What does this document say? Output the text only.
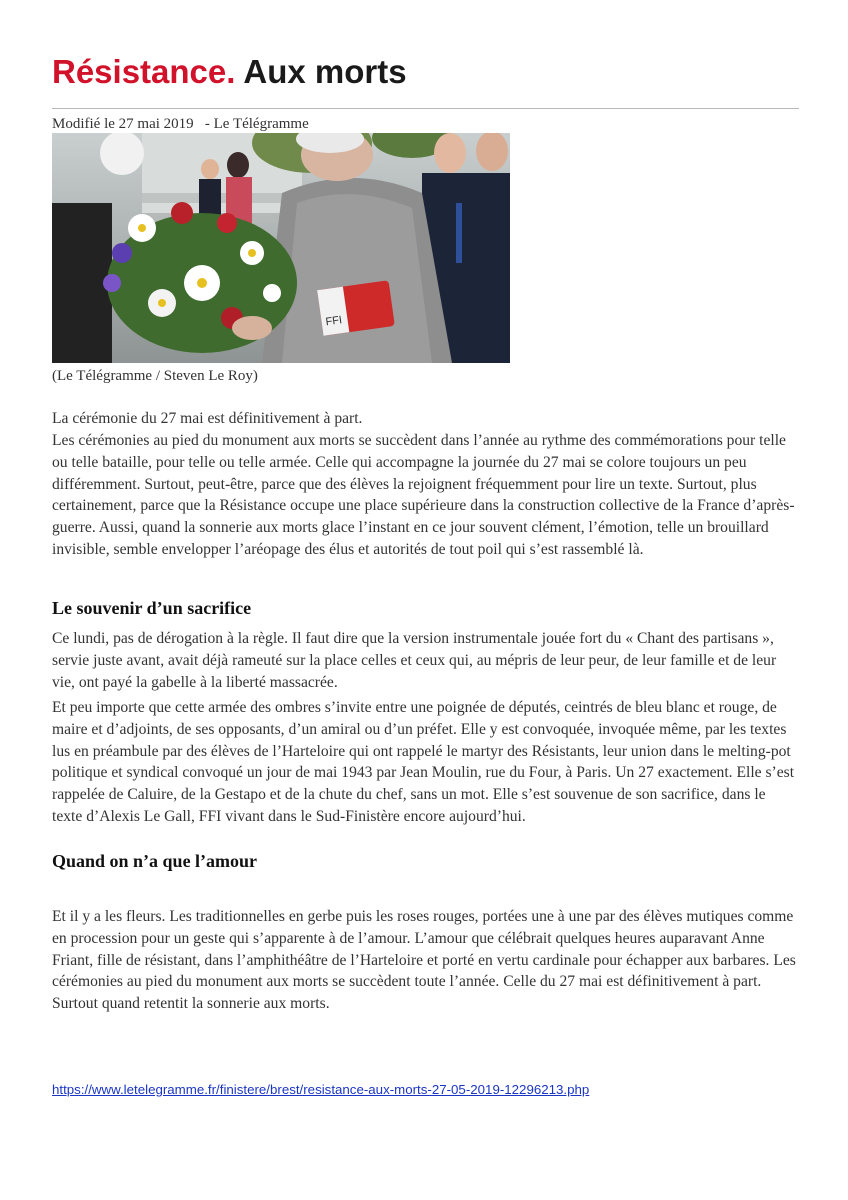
Résistance. Aux morts
Modifié le 27 mai 2019   - Le Télégramme
FFI
(Le Télégramme / Steven Le Roy)

La cérémonie du 27 mai est définitivement à part.

Les cérémonies au pied du monument aux morts se succèdent dans l’année au rythme des commémorations pour telle ou telle bataille, pour telle ou telle armée. Celle qui accompagne la journée du 27 mai se colore toujours un peu différemment. Surtout, peut-être, parce que des élèves la rejoignent fréquemment pour lire un texte. Surtout, plus certainement, parce que la Résistance occupe une place supérieure dans la construction collective de la France d’après-guerre. Aussi, quand la sonnerie aux morts glace l’instant en ce jour souvent clément, l’émotion, telle un brouillard invisible, semble envelopper l’aréopage des élus et autorités de tout poil qui s’est rassemblé là.

Le souvenir d’un sacrifice

Ce lundi, pas de dérogation à la règle. Il faut dire que la version instrumentale jouée fort du « Chant des partisans », servie juste avant, avait déjà rameuté sur la place celles et ceux qui, au mépris de leur peur, de leur famille et de leur vie, ont payé la gabelle à la liberté massacrée.

Et peu importe que cette armée des ombres s’invite entre une poignée de députés, ceintrés de bleu blanc et rouge, de maire et d’adjoints, de ses opposants, d’un amiral ou d’un préfet. Elle y est convoquée, invoquée même, par les textes lus en préambule par des élèves de l’Harteloire qui ont rappelé le martyr des Résistants, leur union dans le melting-pot politique et syndical convoqué un jour de mai 1943 par Jean Moulin, rue du Four, à Paris. Un 27 exactement. Elle s’est rappelée de Caluire, de la Gestapo et de la chute du chef, sans un mot. Elle s’est souvenue de son sacrifice, dans le texte d’Alexis Le Gall, FFI vivant dans le Sud-Finistère encore aujourd’hui.

Quand on n’a que l’amour

Et il y a les fleurs. Les traditionnelles en gerbe puis les roses rouges, portées une à une par des élèves mutiques comme en procession pour un geste qui s’apparente à de l’amour. L’amour que célébrait quelques heures auparavant Anne Friant, fille de résistant, dans l’amphithéâtre de l’Harteloire et porté en vertu cardinale pour échapper aux barbares. Les cérémonies au pied du monument aux morts se succèdent toute l’année. Celle du 27 mai est définitivement à part. Surtout quand retentit la sonnerie aux morts.

https://www.letelegramme.fr/finistere/brest/resistance-aux-morts-27-05-2019-12296213.php
